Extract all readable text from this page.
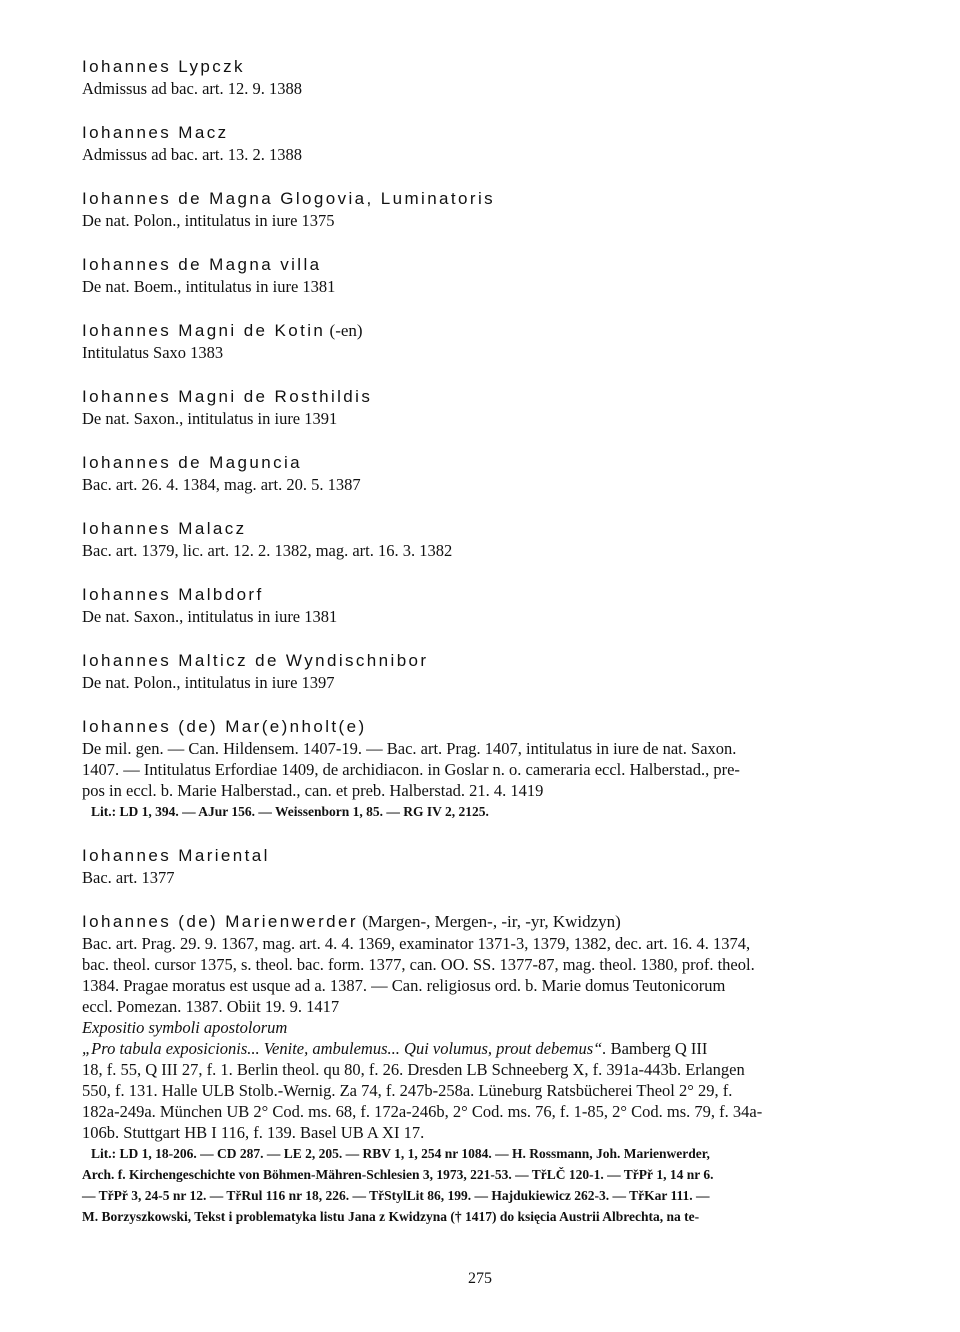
Iohannes Lypczk
Admissus ad bac. art. 12. 9. 1388
Iohannes Macz
Admissus ad bac. art. 13. 2. 1388
Iohannes de Magna Glogovia, Luminatoris
De nat. Polon., intitulatus in iure 1375
Iohannes de Magna villa
De nat. Boem., intitulatus in iure 1381
Iohannes Magni de Kotin (-en)
Intitulatus Saxo 1383
Iohannes Magni de Rosthildis
De nat. Saxon., intitulatus in iure 1391
Iohannes de Maguncia
Bac. art. 26. 4. 1384, mag. art. 20. 5. 1387
Iohannes Malacz
Bac. art. 1379, lic. art. 12. 2. 1382, mag. art. 16. 3. 1382
Iohannes Malbdorf
De nat. Saxon., intitulatus in iure 1381
Iohannes Malticz de Wyndischnibor
De nat. Polon., intitulatus in iure 1397
Iohannes (de) Mar(e)nholt(e)
De mil. gen. — Can. Hildensem. 1407-19. — Bac. art. Prag. 1407, intitulatus in iure de nat. Saxon.
1407. — Intitulatus Erfordiae 1409, de archidiacon. in Goslar n. o. cameraria eccl. Halberstad., pre-
pos in eccl. b. Marie Halberstad., can. et preb. Halberstad. 21. 4. 1419
Lit.: LD 1, 394. — AJur 156. — Weissenborn 1, 85. — RG IV 2, 2125.
Iohannes Mariental
Bac. art. 1377
Iohannes (de) Marienwerder (Margen-, Mergen-, -ir, -yr, Kwidzyn)
Bac. art. Prag. 29. 9. 1367, mag. art. 4. 4. 1369, examinator 1371-3, 1379, 1382, dec. art. 16. 4. 1374,
bac. theol. cursor 1375, s. theol. bac. form. 1377, can. OO. SS. 1377-87, mag. theol. 1380, prof. theol.
1384. Pragae moratus est usque ad a. 1387. — Can. religiosus ord. b. Marie domus Teutonicorum
eccl. Pomezan. 1387. Obiit 19. 9. 1417
Expositio symboli apostolorum
„Pro tabula exposicionis... Venite, ambulemus... Qui volumus, prout debemus“. Bamberg Q III
18, f. 55, Q III 27, f. 1. Berlin theol. qu 80, f. 26. Dresden LB Schneeberg X, f. 391a-443b. Erlangen
550, f. 131. Halle ULB Stolb.-Wernig. Za 74, f. 247b-258a. Lüneburg Ratsbücherei Theol 2° 29, f.
182a-249a. München UB 2° Cod. ms. 68, f. 172a-246b, 2° Cod. ms. 76, f. 1-85, 2° Cod. ms. 79, f. 34a-
106b. Stuttgart HB I 116, f. 139. Basel UB A XI 17.
Lit.: LD 1, 18-206. — CD 287. — LE 2, 205. — RBV 1, 1, 254 nr 1084. — H. Rossmann, Joh. Marienwerder,
Arch. f. Kirchengeschichte von Böhmen-Mähren-Schlesien 3, 1973, 221-53. — TřLČ 120-1. — TřPř 1, 14 nr 6.
— TřPř 3, 24-5 nr 12. — TřRul 116 nr 18, 226. — TřStylLit 86, 199. — Hajdukiewicz 262-3. — TřKar 111. —
M. Borzyszkowski, Tekst i problematyka listu Jana z Kwidzyna († 1417) do księcia Austrii Albrechta, na te-
275
